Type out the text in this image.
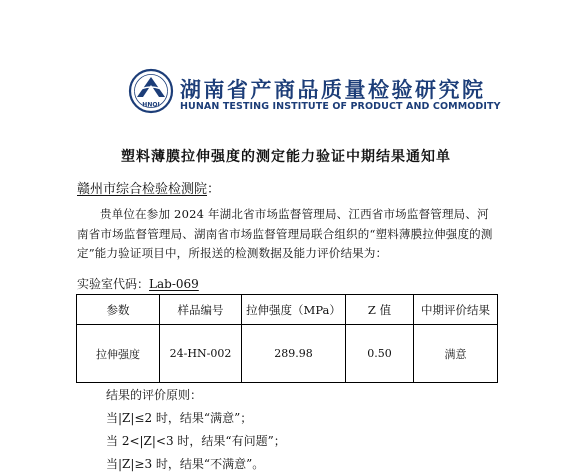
HNQI
湖南省产商品质量检验研究院
HUNAN TESTING INSTITUTE OF PRODUCT AND COMMODITY
塑料薄膜拉伸强度的测定能力验证中期结果通知单
赣州市综合检验检测院：
贵单位在参加 2024 年湖北省市场监督管理局、江西省市场监督管理局、河南省市场监督管理局、湖南省市场监督管理局联合组织的“塑料薄膜拉伸强度的测定”能力验证项目中，所报送的检测数据及能力评价结果为：
实验室代码：Lab-069
参数	样品编号	拉伸强度（MPa）	Z 值	中期评价结果
拉伸强度	24-HN-002	289.98	0.50	满意
结果的评价原则：
当|Z|≤2 时，结果“满意”；
当 2<|Z|<3 时，结果“有问题”；
当|Z|≥3 时，结果“不满意”。
